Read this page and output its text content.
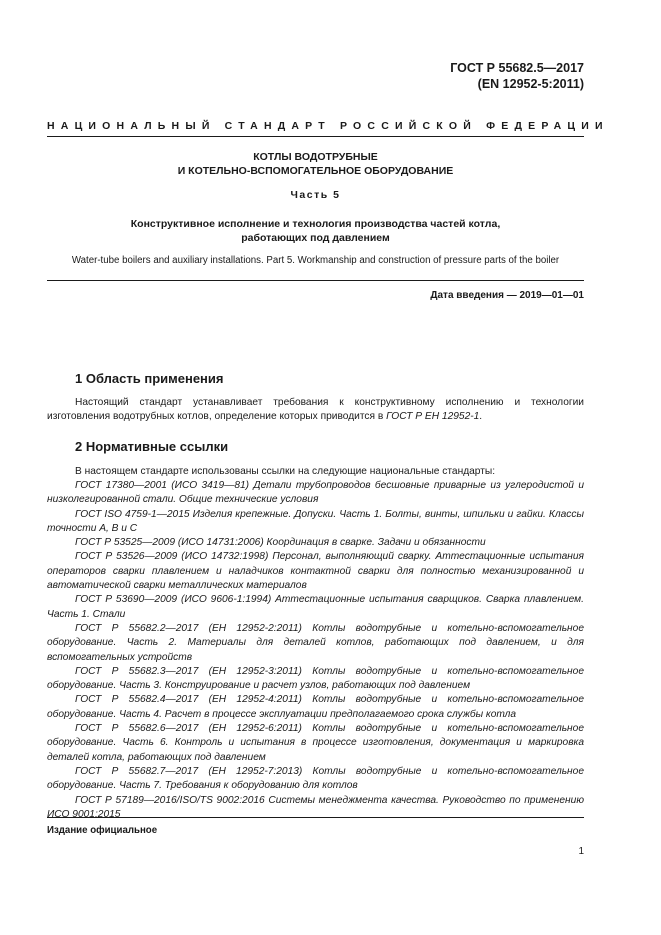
ГОСТ Р 55682.5—2017
(EN 12952-5:2011)
НАЦИОНАЛЬНЫЙ СТАНДАРТ РОССИЙСКОЙ ФЕДЕРАЦИИ
КОТЛЫ ВОДОТРУБНЫЕ
И КОТЕЛЬНО-ВСПОМОГАТЕЛЬНОЕ ОБОРУДОВАНИЕ
Часть 5
Конструктивное исполнение и технология производства частей котла,
работающих под давлением
Water-tube boilers and auxiliary installations. Part 5. Workmanship and construction of pressure parts of the boiler
Дата введения — 2019—01—01
1 Область применения
Настоящий стандарт устанавливает требования к конструктивному исполнению и технологии изготовления водотрубных котлов, определение которых приводится в ГОСТ Р ЕН 12952-1.
2 Нормативные ссылки
В настоящем стандарте использованы ссылки на следующие национальные стандарты:

ГОСТ 17380—2001 (ИСО 3419—81) Детали трубопроводов бесшовные приварные из углеродистой и низколегированной стали. Общие технические условия

ГОСТ ISO 4759-1—2015 Изделия крепежные. Допуски. Часть 1. Болты, винты, шпильки и гайки. Классы точности A, B и C

ГОСТ Р 53525—2009 (ИСО 14731:2006) Координация в сварке. Задачи и обязанности

ГОСТ Р 53526—2009 (ИСО 14732:1998) Персонал, выполняющий сварку. Аттестационные испытания операторов сварки плавлением и наладчиков контактной сварки для полностью механизированной и автоматической сварки металлических материалов

ГОСТ Р 53690—2009 (ИСО 9606-1:1994) Аттестационные испытания сварщиков. Сварка плавлением. Часть 1. Стали

ГОСТ Р 55682.2—2017 (ЕН 12952-2:2011) Котлы водотрубные и котельно-вспомогательное оборудование. Часть 2. Материалы для деталей котлов, работающих под давлением, и для вспомогательных устройств

ГОСТ Р 55682.3—2017 (ЕН 12952-3:2011) Котлы водотрубные и котельно-вспомогательное оборудование. Часть 3. Конструирование и расчет узлов, работающих под давлением

ГОСТ Р 55682.4—2017 (ЕН 12952-4:2011) Котлы водотрубные и котельно-вспомогательное оборудование. Часть 4. Расчет в процессе эксплуатации предполагаемого срока службы котла

ГОСТ Р 55682.6—2017 (ЕН 12952-6:2011) Котлы водотрубные и котельно-вспомогательное оборудование. Часть 6. Контроль и испытания в процессе изготовления, документация и маркировка деталей котла, работающих под давлением

ГОСТ Р 55682.7—2017 (ЕН 12952-7:2013) Котлы водотрубные и котельно-вспомогательное оборудование. Часть 7. Требования к оборудованию для котлов

ГОСТ Р 57189—2016/ISO/TS 9002:2016 Системы менеджмента качества. Руководство по применению ИСО 9001:2015

Издание официальное
1
